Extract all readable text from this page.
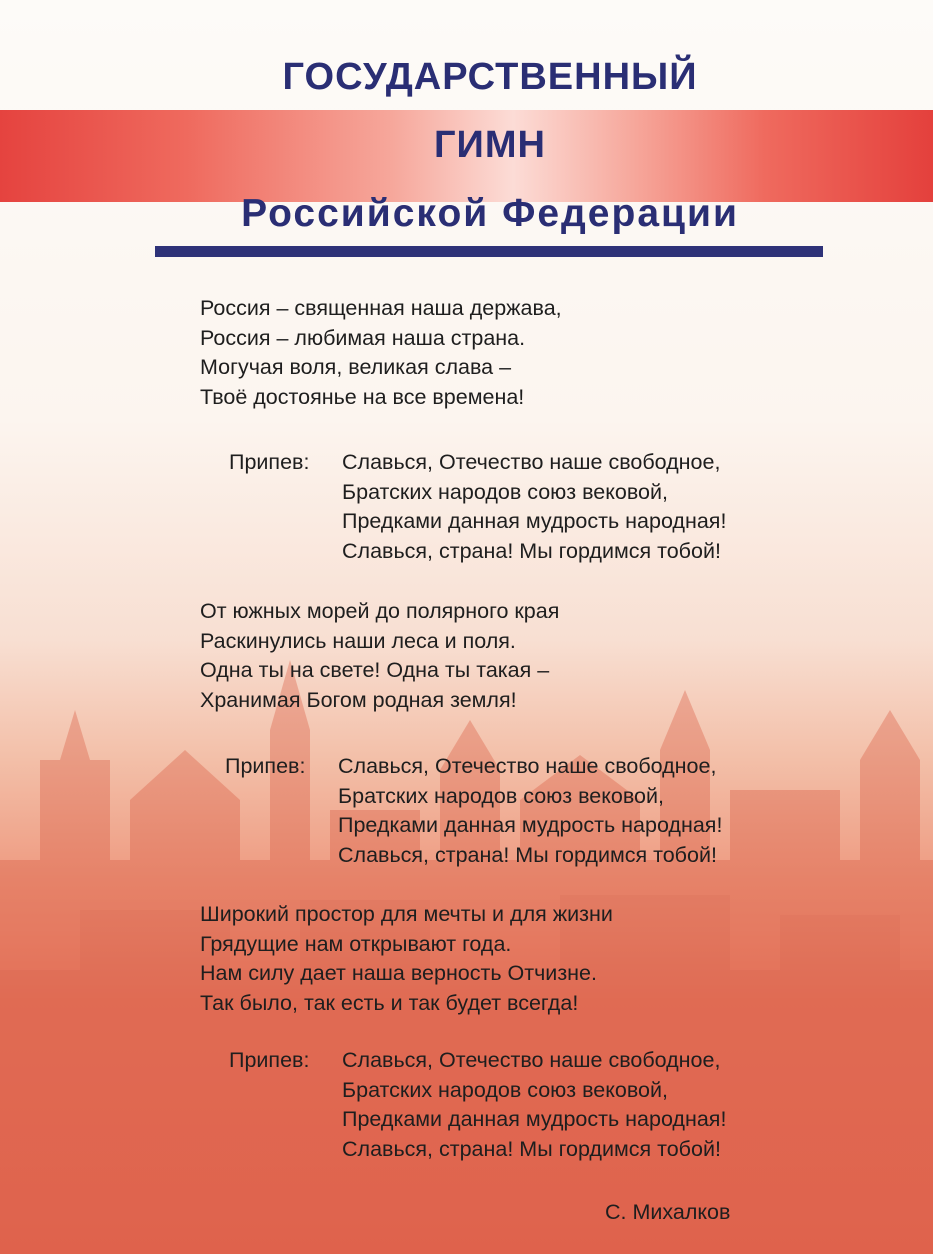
ГОСУДАРСТВЕННЫЙ
ГИМН
Российской Федерации
Россия – священная наша держава,
Россия – любимая наша страна.
Могучая воля, великая слава –
Твоё достоянье на все времена!
Припев: Славься, Отечество наше свободное,
Братских народов союз вековой,
Предками данная мудрость народная!
Славься, страна! Мы гордимся тобой!
От южных морей до полярного края
Раскинулись наши леса и поля.
Одна ты на свете! Одна ты такая –
Хранимая Богом родная земля!
Припев: Славься, Отечество наше свободное,
Братских народов союз вековой,
Предками данная мудрость народная!
Славься, страна! Мы гордимся тобой!
Широкий простор для мечты и для жизни
Грядущие нам открывают года.
Нам силу дает наша верность Отчизне.
Так было, так есть и так будет всегда!
Припев: Славься, Отечество наше свободное,
Братских народов союз вековой,
Предками данная мудрость народная!
Славься, страна! Мы гордимся тобой!
С. Михалков
